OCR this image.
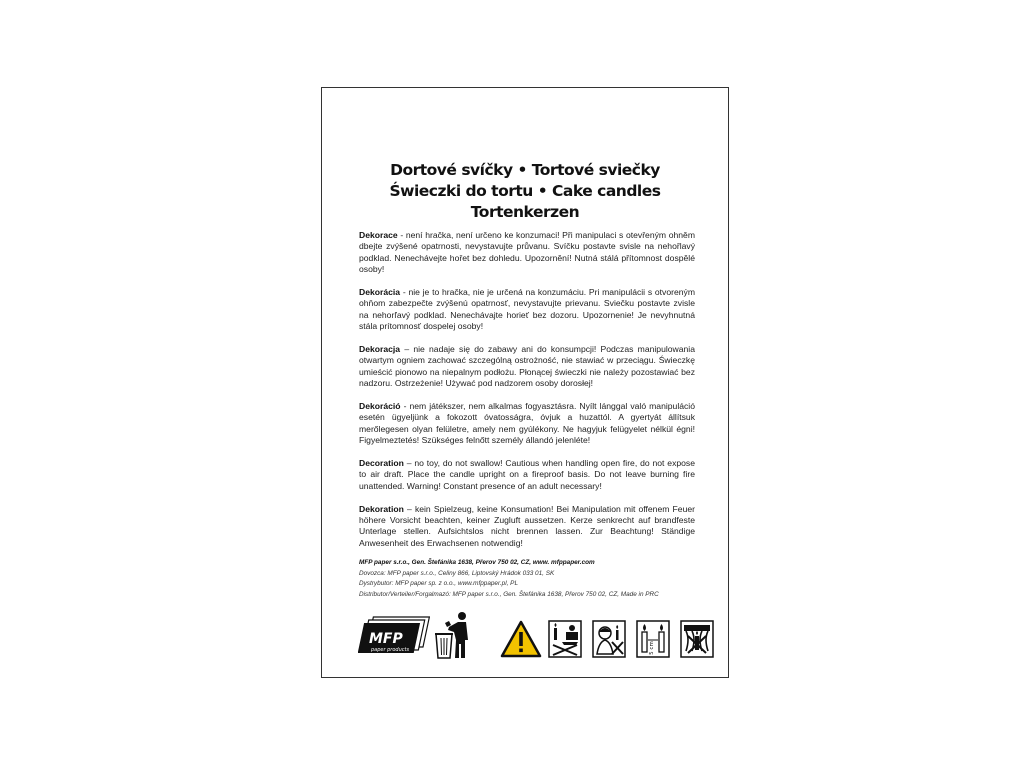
Dortové svíčky • Tortové sviečky
Świeczki do tortu • Cake candles
Tortenkerzen

Dekorace - není hračka, není určeno ke konzumaci! Při manipulaci s otevřeným ohněm dbejte zvýšené opatrnosti, nevystavujte průvanu. Svíčku postavte svisle na nehořlavý podklad. Nenechávejte hořet bez dohledu. Upozornění! Nutná stálá přítomnost dospělé osoby!

Dekorácia - nie je to hračka, nie je určená na konzumáciu. Pri manipulácii s otvoreným ohňom zabezpečte zvýšenú opatrnosť, nevystavujte prievanu. Sviečku postavte zvisle na nehorľavý podklad. Nenechávajte horieť bez dozoru. Upozornenie! Je nevyhnutná stála prítomnosť dospelej osoby!

Dekoracja – nie nadaje się do zabawy ani do konsumpcji! Podczas manipulowania otwartym ogniem zachować szczególną ostrożność, nie stawiać w przeciągu. Świeczkę umieścić pionowo na niepalnym podłożu. Płonącej świeczki nie należy pozostawiać bez nadzoru. Ostrzeżenie! Używać pod nadzorem osoby dorosłej!

Dekoráció - nem játékszer, nem alkalmas fogyasztásra. Nyílt lánggal való manipuláció esetén ügyeljünk a fokozott óvatosságra, óvjuk a huzattól. A gyertyát állítsuk merőlegesen olyan felületre, amely nem gyúlékony. Ne hagyjuk felügyelet nélkül égni! Figyelmeztetés! Szükséges felnőtt személy állandó jelenléte!

Decoration – no toy, do not swallow! Cautious when handling open fire, do not expose to air draft. Place the candle upright on a fireproof basis. Do not leave burning fire unattended. Warning! Constant presence of an adult necessary!

Dekoration – kein Spielzeug, keine Konsumation! Bei Manipulation mit offenem Feuer höhere Vorsicht beachten, keiner Zugluft aussetzen. Kerze senkrecht auf brandfeste Unterlage stellen. Aufsichtslos nicht brennen lassen. Zur Beachtung! Ständige Anwesenheit des Erwachsenen notwendig!

MFP paper s.r.o., Gen. Štefánika 1638, Přerov 750 02, CZ, www. mfppaper.com
Dovozca: MFP paper s.r.o., Celiny 866, Liptovský Hrádok 033 01, SK
Dystrybutor: MFP paper sp. z o.o., www.mfppaper.pl, PL
Distributor/Verteiler/Forgalmazó: MFP paper s.r.o., Gen. Štefánika 1638, Přerov 750 02, CZ, Made in PRC
MFP
paper products	5 cm
